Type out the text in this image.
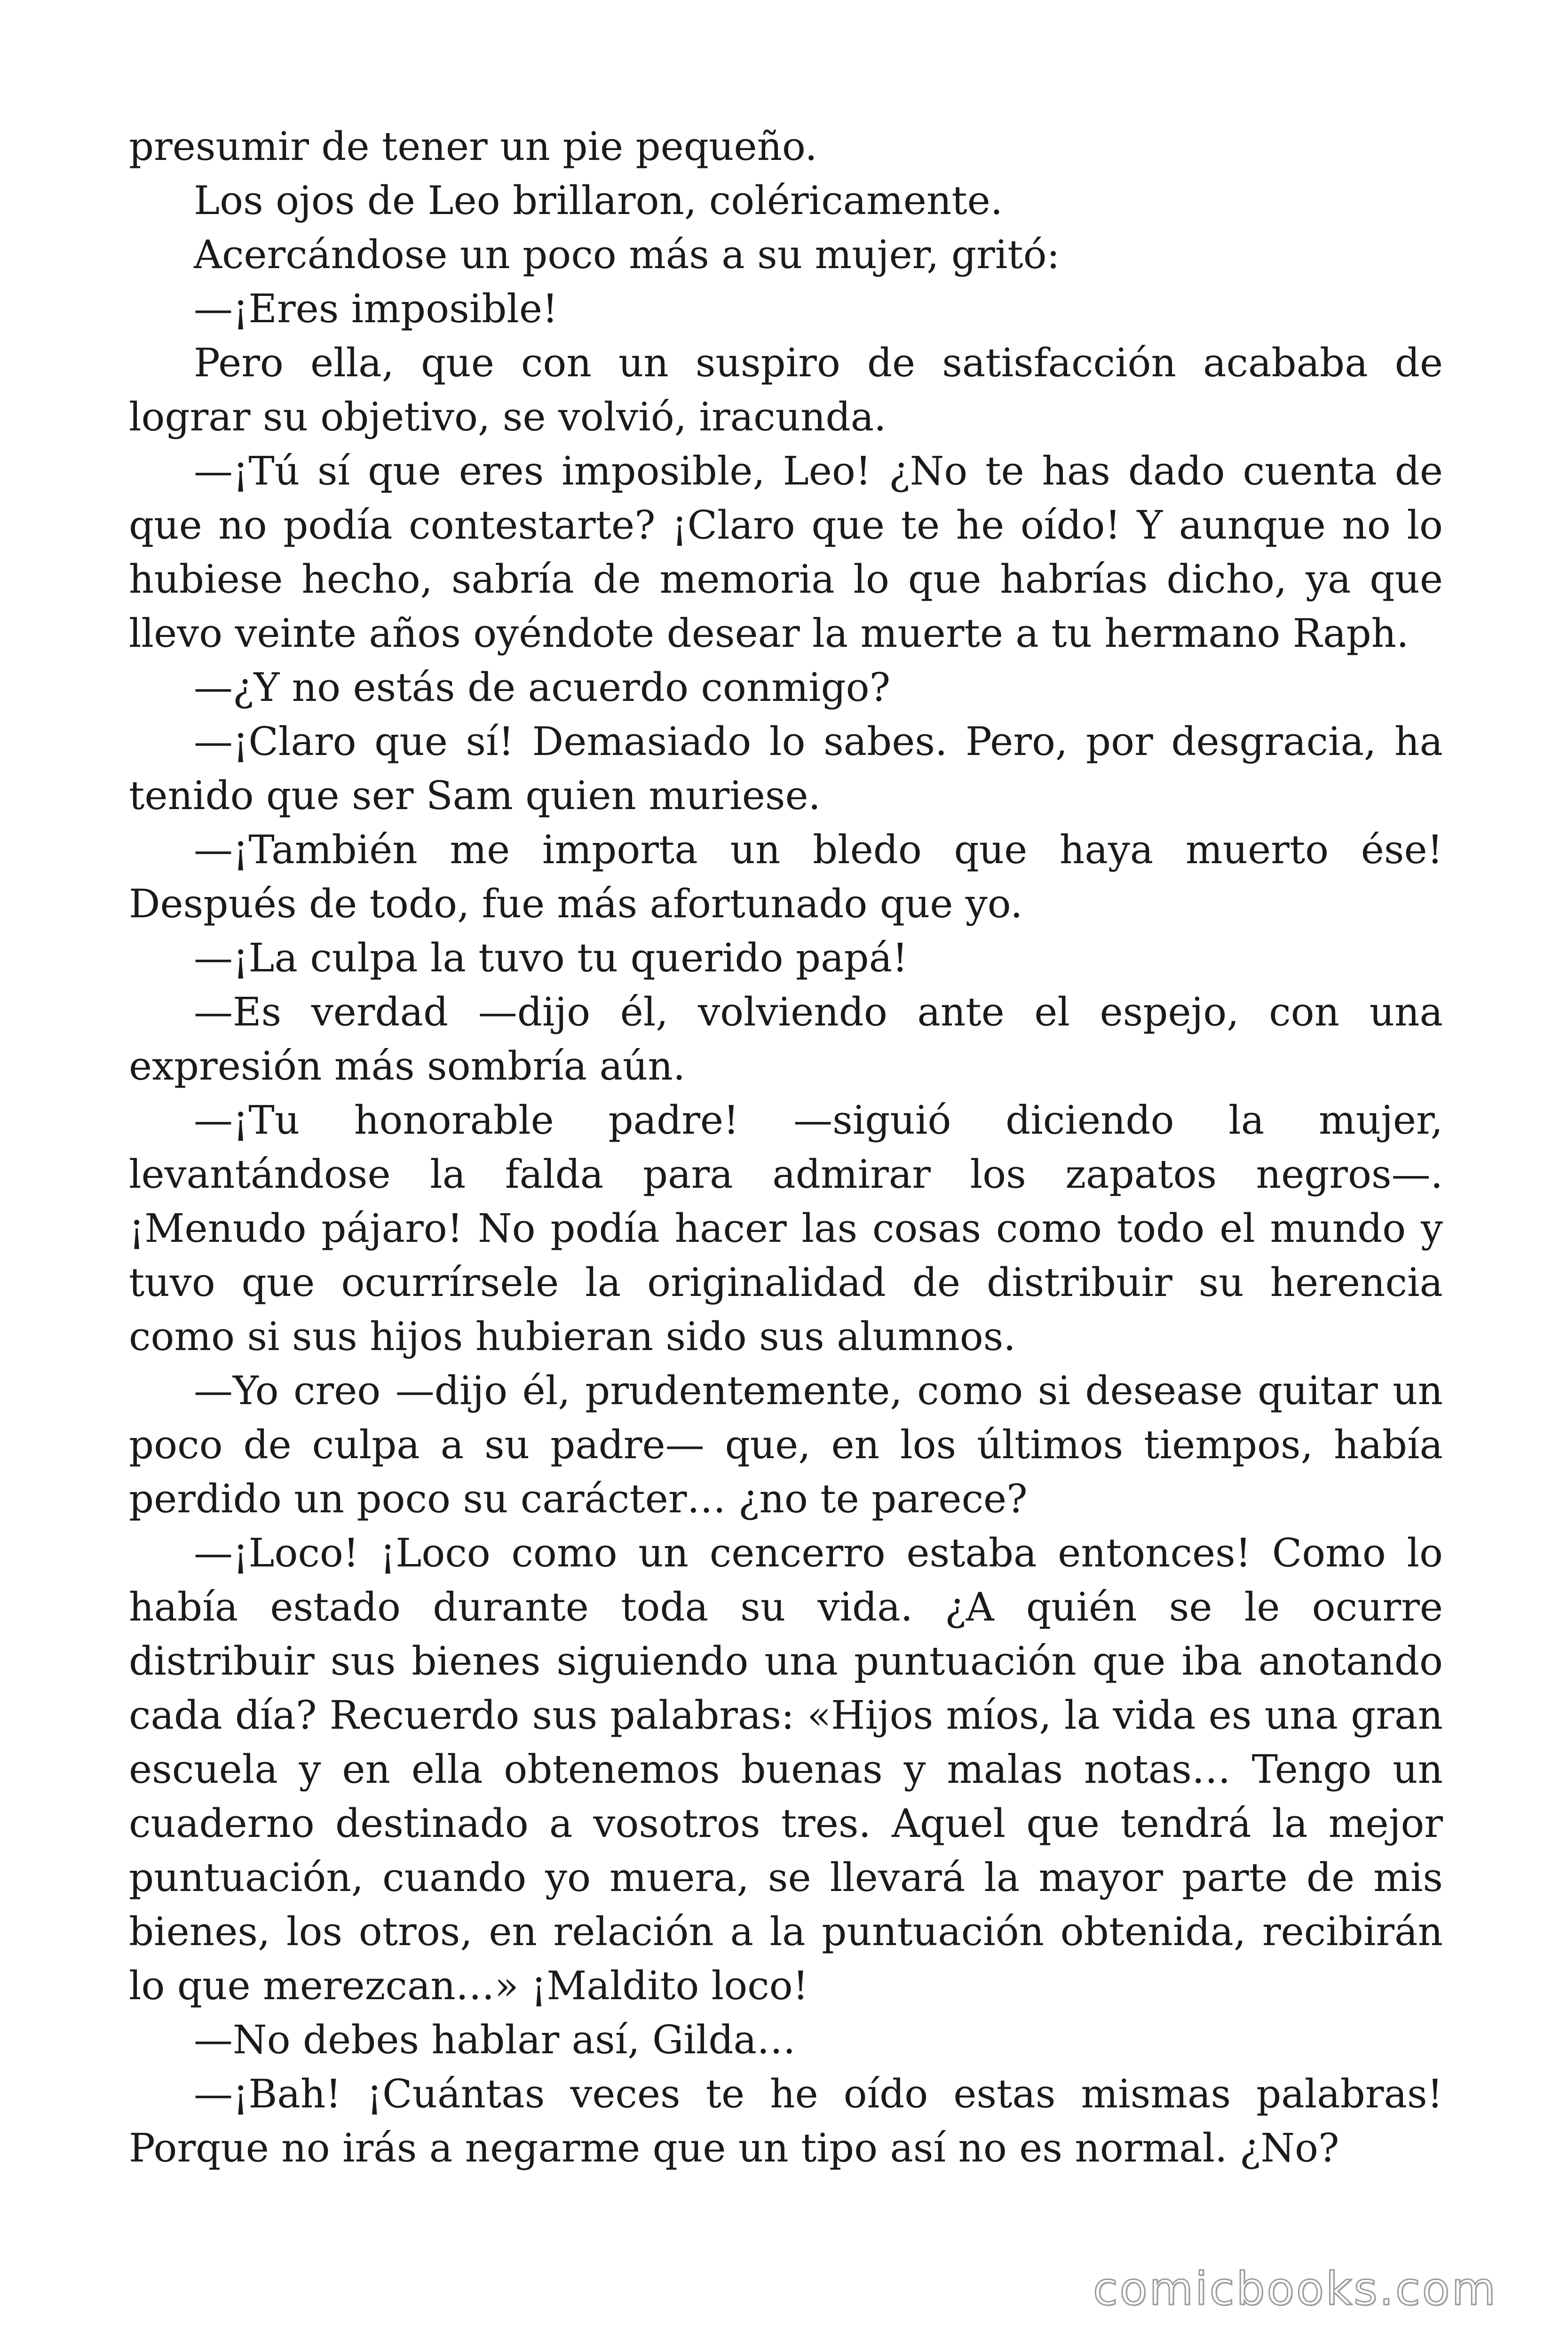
presumir de tener un pie pequeño.

Los ojos de Leo brillaron, coléricamente.

Acercándose un poco más a su mujer, gritó:

—¡Eres imposible!

Pero ella, que con un suspiro de satisfacción acababa de lograr su objetivo, se volvió, iracunda.

—¡Tú sí que eres imposible, Leo! ¿No te has dado cuenta de que no podía contestarte? ¡Claro que te he oído! Y aunque no lo hubiese hecho, sabría de memoria lo que habrías dicho, ya que llevo veinte años oyéndote desear la muerte a tu hermano Raph.

—¿Y no estás de acuerdo conmigo?

—¡Claro que sí! Demasiado lo sabes. Pero, por desgracia, ha tenido que ser Sam quien muriese.

—¡También me importa un bledo que haya muerto ése! Después de todo, fue más afortunado que yo.

—¡La culpa la tuvo tu querido papá!

—Es verdad —dijo él, volviendo ante el espejo, con una expresión más sombría aún.

—¡Tu honorable padre! —siguió diciendo la mujer, levantándose la falda para admirar los zapatos negros—. ¡Menudo pájaro! No podía hacer las cosas como todo el mundo y tuvo que ocurrírsele la originalidad de distribuir su herencia como si sus hijos hubieran sido sus alumnos.

—Yo creo —dijo él, prudentemente, como si desease quitar un poco de culpa a su padre— que, en los últimos tiempos, había perdido un poco su carácter… ¿no te parece?

—¡Loco! ¡Loco como un cencerro estaba entonces! Como lo había estado durante toda su vida. ¿A quién se le ocurre distribuir sus bienes siguiendo una puntuación que iba anotando cada día? Recuerdo sus palabras: «Hijos míos, la vida es una gran escuela y en ella obtenemos buenas y malas notas… Tengo un cuaderno destinado a vosotros tres. Aquel que tendrá la mejor puntuación, cuando yo muera, se llevará la mayor parte de mis bienes, los otros, en relación a la puntuación obtenida, recibirán lo que merezcan…» ¡Maldito loco!

—No debes hablar así, Gilda…

—¡Bah! ¡Cuántas veces te he oído estas mismas palabras! Porque no irás a negarme que un tipo así no es normal. ¿No?

comicbooks.com
